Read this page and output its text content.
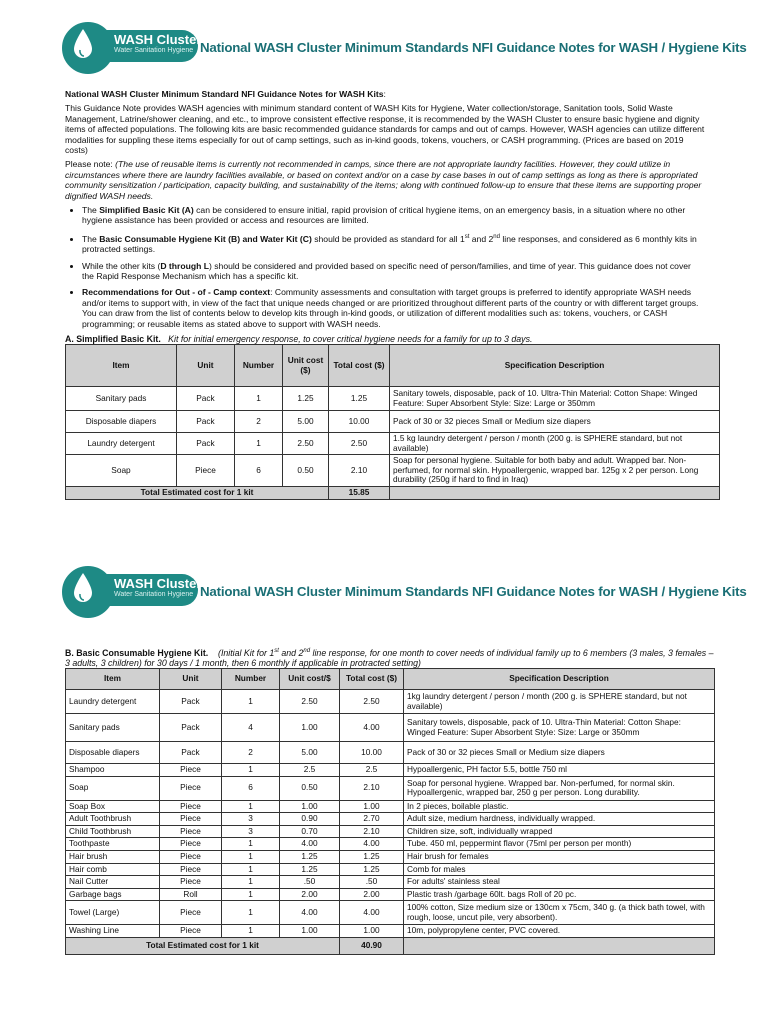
WASH Cluster
Water Sanitation Hygiene National WASH Cluster Minimum Standards NFI Guidance Notes for WASH / Hygiene Kits

National WASH Cluster Minimum Standard NFI Guidance Notes for WASH Kits:

This Guidance Note provides WASH agencies with minimum standard content of WASH Kits for Hygiene, Water collection/storage, Sanitation tools, Solid Waste Management, Latrine/shower cleaning, and etc., to improve consistent effective response, it is recommended by the WASH Cluster to ensure basic hygiene and dignity items of affected populations. The following kits are basic recommended guidance standards for camps and out of camps. However, WASH agencies can utilize different modalities for suppling these items especially for out of camp settings, such as in-kind goods, tokens, vouchers, or CASH programming. (Prices are based on 2019 costs)

Please note: (The use of reusable items is currently not recommended in camps, since there are not appropriate laundry facilities. However, they could utilize in circumstances where there are laundry facilities available, or based on context and/or on a case by case bases in out of camp settings as long as there is appropriated community sensitization / participation, capacity building, and sustainability of the items; along with continued follow-up to ensure that these items are supporting proper dignified WASH needs.

• The Simplified Basic Kit (A) can be considered to ensure initial, rapid provision of critical hygiene items, on an emergency basis, in a situation where no other hygiene assistance has been provided or access and resources are limited.
• The Basic Consumable Hygiene Kit (B) and Water Kit (C) should be provided as standard for all 1st and 2nd line responses, and considered as 6 monthly kits in protracted settings.
• While the other kits (D through L) should be considered and provided based on specific need of person/families, and time of year. This guidance does not cover the Rapid Response Mechanism which has a specific kit.
• Recommendations for Out - of - Camp context: Community assessments and consultation with target groups is preferred to identify appropriate WASH needs and/or items to support with, in view of the fact that unique needs changed or are prioritized throughout different parts of the country or with different target groups. You can draw from the list of contents below to develop kits through in-kind goods, or utilization of different modalities such as: tokens, vouchers, or CASH programming; or reusable items as stated above to support with WASH needs.
A. Simplified Basic Kit. Kit for initial emergency response, to cover critical hygiene needs for a family for up to 3 days.
Item	Unit	Number	Unit cost ($)	Total cost ($)	Specification Description
Sanitary pads	Pack	1	1.25	1.25	Sanitary towels, disposable, pack of 10. Ultra-Thin Material: Cotton Shape: Winged Feature: Super Absorbent Style: Size: Large or 350mm
Disposable diapers	Pack	2	5.00	10.00	Pack of 30 or 32 pieces Small or Medium size diapers
Laundry detergent	Pack	1	2.50	2.50	1.5 kg laundry detergent / person / month (200 g. is SPHERE standard, but not available)
Soap	Piece	6	0.50	2.10	Soap for personal hygiene. Suitable for both baby and adult. Wrapped bar. Non-perfumed, for normal skin. Hypoallergenic, wrapped bar. 125g x 2 per person. Long durability (250g if hard to find in Iraq)
Total Estimated cost for 1 kit				15.85	
WASH Cluster
Water Sanitation Hygiene National WASH Cluster Minimum Standards NFI Guidance Notes for WASH / Hygiene Kits
B. Basic Consumable Hygiene Kit. (Initial Kit for 1st and 2nd line response, for one month to cover needs of individual family up to 6 members (3 males, 3 females – 3 adults, 3 children) for 30 days / 1 month, then 6 monthly if applicable in protracted setting)
Item	Unit	Number	Unit cost/$	Total cost ($)	Specification Description
Laundry detergent	Pack	1	2.50	2.50	1kg laundry detergent / person / month (200 g. is SPHERE standard, but not available)
Sanitary pads	Pack	4	1.00	4.00	Sanitary towels, disposable, pack of 10. Ultra-Thin Material: Cotton Shape: Winged Feature: Super Absorbent Style: Size: Large or 350mm
Disposable diapers	Pack	2	5.00	10.00	Pack of 30 or 32 pieces Small or Medium size diapers
Shampoo	Piece	1	2.5	2.5	Hypoallergenic, PH factor 5.5, bottle 750 ml
Soap	Piece	6	0.50	2.10	Soap for personal hygiene. Wrapped bar. Non-perfumed, for normal skin. Hypoallergenic, wrapped bar, 250 g per person. Long durability.
Soap Box	Piece	1	1.00	1.00	In 2 pieces, boilable plastic.
Adult Toothbrush	Piece	3	0.90	2.70	Adult size, medium hardness, individually wrapped.
Child Toothbrush	Piece	3	0.70	2.10	Children size, soft, individually wrapped
Toothpaste	Piece	1	4.00	4.00	Tube. 450 ml, peppermint flavor (75ml per person per month)
Hair brush	Piece	1	1.25	1.25	Hair brush for females
Hair comb	Piece	1	1.25	1.25	Comb for males
Nail Cutter	Piece	1	.50	.50	For adults' stainless steal
Garbage bags	Roll	1	2.00	2.00	Plastic trash /garbage 60lt. bags Roll of 20 pc.
Towel (Large)	Piece	1	4.00	4.00	100% cotton, Size medium size or 130cm x 75cm, 340 g. (a thick bath towel, with rough, loose, uncut pile, very absorbent).
Washing Line	Piece	1	1.00	1.00	10m, polypropylene center, PVC covered.
Total Estimated cost for 1 kit				40.90	
